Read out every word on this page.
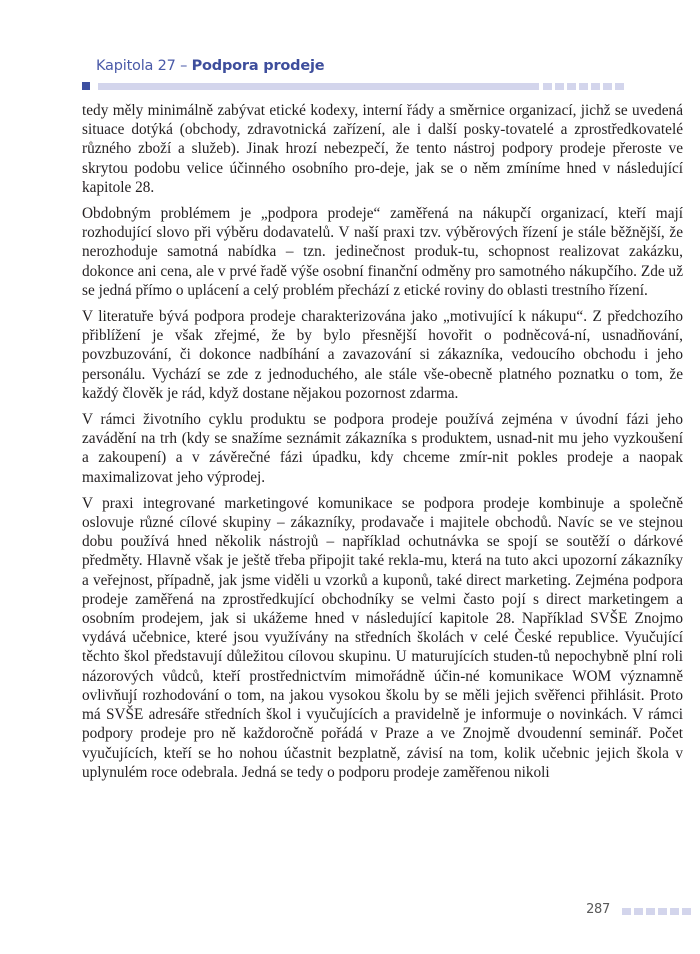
Kapitola 27 – Podpora prodeje

tedy měly minimálně zabývat etické kodexy, interní řády a směrnice organizací, jichž se uvedená situace dotýká (obchody, zdravotnická zařízení, ale i další posky-tovatelé a zprostředkovatelé různého zboží a služeb). Jinak hrozí nebezpečí, že tento nástroj podpory prodeje přeroste ve skrytou podobu velice účinného osobního pro-deje, jak se o něm zmíníme hned v následující kapitole 28.

Obdobným problémem je „podpora prodeje“ zaměřená na nákupčí organizací, kteří mají rozhodující slovo při výběru dodavatelů. V naší praxi tzv. výběrových řízení je stále běžnější, že nerozhoduje samotná nabídka – tzn. jedinečnost produk-tu, schopnost realizovat zakázku, dokonce ani cena, ale v prvé řadě výše osobní finanční odměny pro samotného nákupčího. Zde už se jedná přímo o uplácení a celý problém přechází z etické roviny do oblasti trestního řízení.

V literatuře bývá podpora prodeje charakterizována jako „motivující k nákupu“. Z předchozího přiblížení je však zřejmé, že by bylo přesnější hovořit o podněcová-ní, usnadňování, povzbuzování, či dokonce nadbíhání a zavazování si zákazníka, vedoucího obchodu i jeho personálu. Vychází se zde z jednoduchého, ale stále vše-obecně platného poznatku o tom, že každý člověk je rád, když dostane nějakou pozornost zdarma.

V rámci životního cyklu produktu se podpora prodeje používá zejména v úvodní fázi jeho zavádění na trh (kdy se snažíme seznámit zákazníka s produktem, usnad-nit mu jeho vyzkoušení a zakoupení) a v závěrečné fázi úpadku, kdy chceme zmír-nit pokles prodeje a naopak maximalizovat jeho výprodej.

V praxi integrované marketingové komunikace se podpora prodeje kombinuje a společně oslovuje různé cílové skupiny – zákazníky, prodavače i majitele obchodů. Navíc se ve stejnou dobu používá hned několik nástrojů – například ochutnávka se spojí se soutěží o dárkové předměty. Hlavně však je ještě třeba připojit také rekla-mu, která na tuto akci upozorní zákazníky a veřejnost, případně, jak jsme viděli u vzorků a kuponů, také direct marketing. Zejména podpora prodeje zaměřená na zprostředkující obchodníky se velmi často pojí s direct marketingem a osobním prodejem, jak si ukážeme hned v následující kapitole 28. Například SVŠE Znojmo vydává učebnice, které jsou využívány na středních školách v celé České republice. Vyučující těchto škol představují důležitou cílovou skupinu. U maturujících studen-tů nepochybně plní roli názorových vůdců, kteří prostřednictvím mimořádně účin-né komunikace WOM významně ovlivňují rozhodování o tom, na jakou vysokou školu by se měli jejich svěřenci přihlásit. Proto má SVŠE adresáře středních škol i vyučujících a pravidelně je informuje o novinkách. V rámci podpory prodeje pro ně každoročně pořádá v Praze a ve Znojmě dvoudenní seminář. Počet vyučujících, kteří se ho nohou účastnit bezplatně, závisí na tom, kolik učebnic jejich škola v uplynulém roce odebrala. Jedná se tedy o podporu prodeje zaměřenou nikoli

287
